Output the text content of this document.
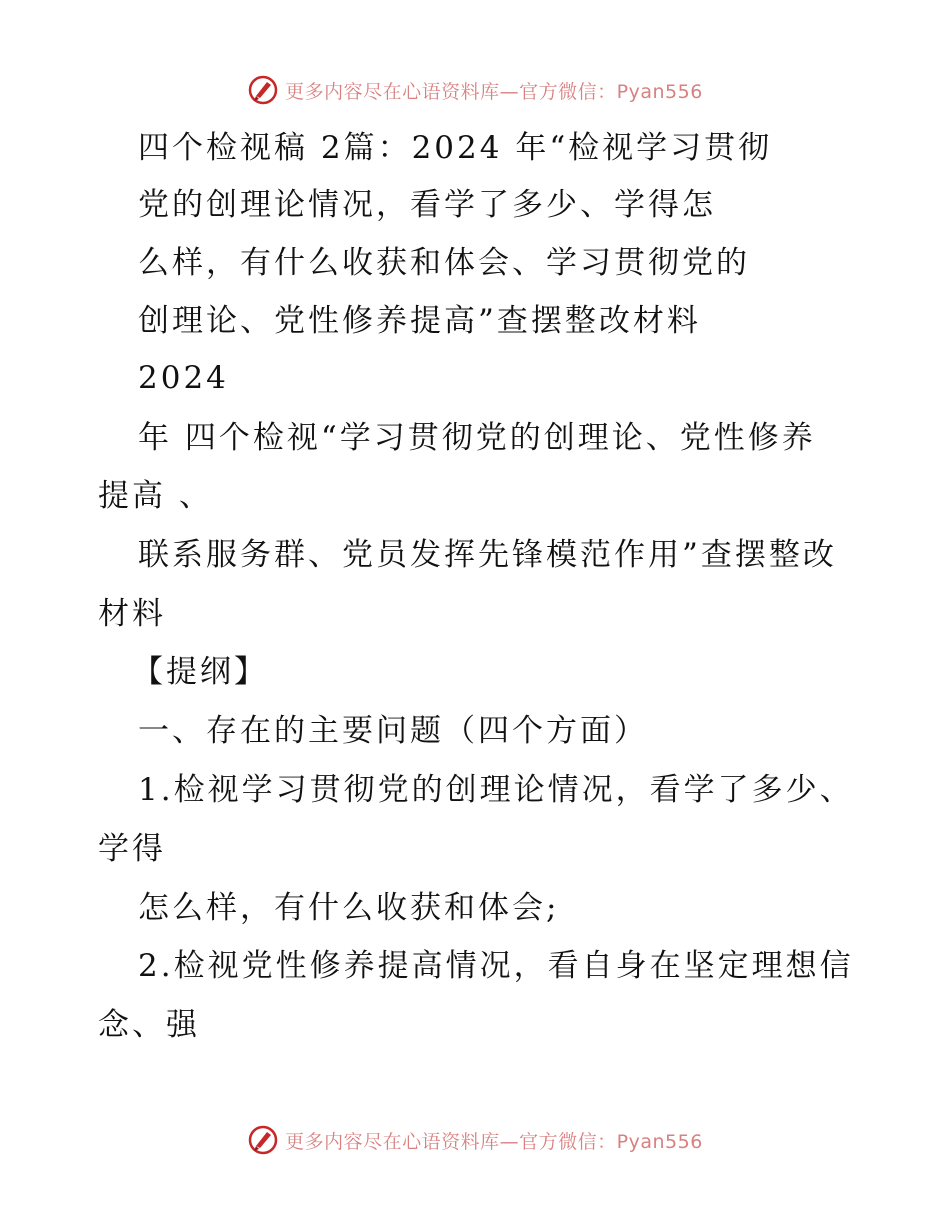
更多内容尽在心语资料库—官方微信：Pyan556
四个检视稿 2篇：2024 年“检视学习贯彻
党的创理论情况，看学了多少、学得怎
么样，有什么收获和体会、学习贯彻党的
创理论、党性修养提高”查摆整改材料
2024
年 四个检视“学习贯彻党的创理论、党性修养
提高 、
联系服务群、党员发挥先锋模范作用”查摆整改
材料
【提纲】
一、存在的主要问题（四个方面）
1.检视学习贯彻党的创理论情况，看学了多少、
学得
怎么样，有什么收获和体会;
2.检视党性修养提高情况，看自身在坚定理想信
念、强
更多内容尽在心语资料库—官方微信：Pyan556
